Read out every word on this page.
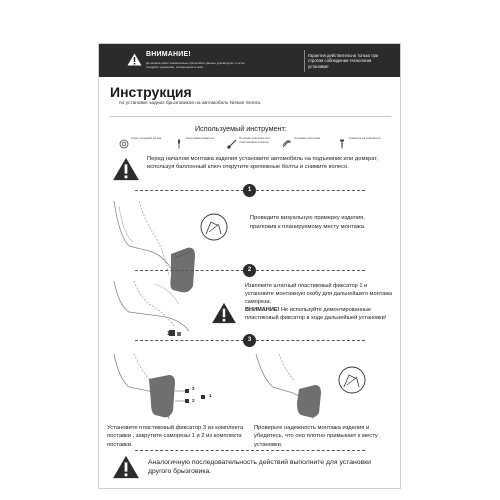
ВНИМАНИЕ!
До начала работ внимательно прочитайте данное руководство и четко следуйте указаниям, изложенным в нем!
Гарантия действительна только при строгом соблюдении технологии установки!
Инструкция
по установке задних брызговиков на автомобиль Nissan Sentra.
Используемый инструмент:
Ключ торцевой 10 мм	Крестовая отвертка	Плоская отвертка или пластиковая лопатка
Съемник пистонов	Саморез из комплекта
Перед началом монтажа изделия установите автомобиль на подъемник или домкрат, используя баллонный ключ открутите крепежные болты и снимите колесо.
1
Проведите визуальную примерку изделия, приложив к планируемому месту монтажа.
2
1
Извлеките штатный пластиковый фиксатор 1 и установите монтажную скобу для дальнейшего монтажа самореза.
ВНИМАНИЕ! Не используйте демонтированные пластиковый фиксатор в ходе дальнейшей установки!
3
3
2
1
Установите пластиковый фиксатор 3 из комплекта поставки , закрутите саморезы 1 и 2 из комплекта поставки.
Проверьте надежность монтажа изделия и убедитесь, что оно плотно примыкает к месту установки.
Аналогичную последовательность действий выполните для установки другого брызговика.
